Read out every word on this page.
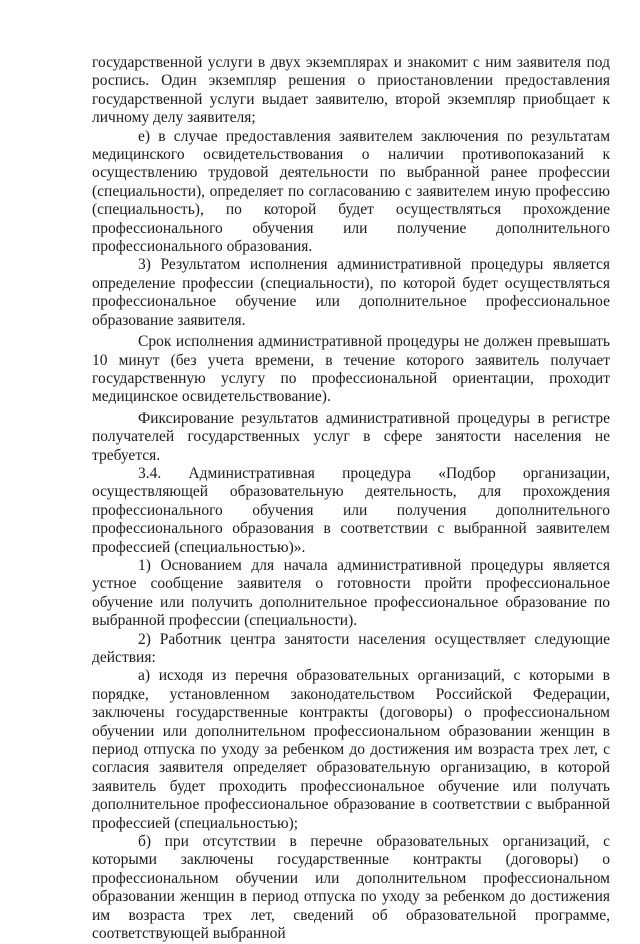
государственной услуги в двух экземплярах и знакомит с ним заявителя под роспись. Один экземпляр решения о приостановлении предоставления государственной услуги выдает заявителю, второй экземпляр приобщает к личному делу заявителя;

е) в случае предоставления заявителем заключения по результатам медицинского освидетельствования о наличии противопоказаний к осуществлению трудовой деятельности по выбранной ранее профессии (специальности), определяет по согласованию с заявителем иную профессию (специальность), по которой будет осуществляться прохождение профессионального обучения или получение дополнительного профессионального образования.

3) Результатом исполнения административной процедуры является определение профессии (специальности), по которой будет осуществляться профессиональное обучение или дополнительное профессиональное образование заявителя.

Срок исполнения административной процедуры не должен превышать 10 минут (без учета времени, в течение которого заявитель получает государственную услугу по профессиональной ориентации, проходит медицинское освидетельствование).

Фиксирование результатов административной процедуры в регистре получателей государственных услуг в сфере занятости населения не требуется.

3.4. Административная процедура «Подбор организации, осуществляющей образовательную деятельность, для прохождения профессионального обучения или получения дополнительного профессионального образования в соответствии с выбранной заявителем профессией (специальностью)».

1) Основанием для начала административной процедуры является устное сообщение заявителя о готовности пройти профессиональное обучение или получить дополнительное профессиональное образование по выбранной профессии (специальности).

2) Работник центра занятости населения осуществляет следующие действия:

а) исходя из перечня образовательных организаций, с которыми в порядке, установленном законодательством Российской Федерации, заключены государственные контракты (договоры) о профессиональном обучении или дополнительном профессиональном образовании женщин в период отпуска по уходу за ребенком до достижения им возраста трех лет, с согласия заявителя определяет образовательную организацию, в которой заявитель будет проходить профессиональное обучение или получать дополнительное профессиональное образование в соответствии с выбранной профессией (специальностью);

б) при отсутствии в перечне образовательных организаций, с которыми заключены государственные контракты (договоры) о профессиональном обучении или дополнительном профессиональном образовании женщин в период отпуска по уходу за ребенком до достижения им возраста трех лет, сведений об образовательной программе, соответствующей выбранной
